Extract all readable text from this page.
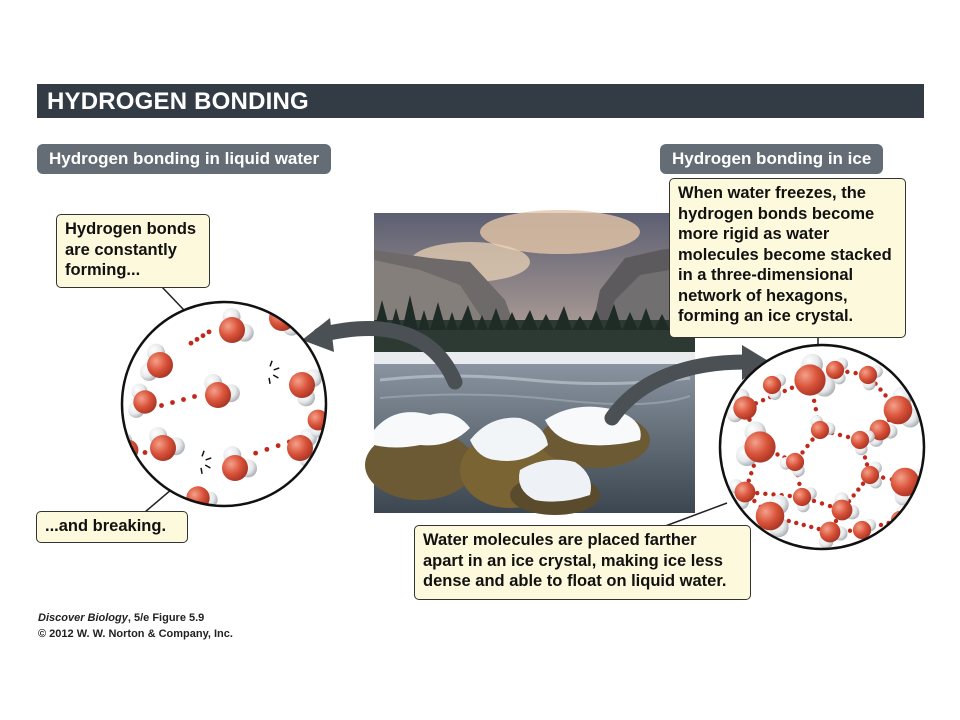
HYDROGEN BONDING
Hydrogen bonding in liquid water	Hydrogen bonding in ice
Hydrogen bonds
are constantly
forming...
...and breaking.
When water freezes, the
hydrogen bonds become
more rigid as water
molecules become stacked
in a three-dimensional
network of hexagons,
forming an ice crystal.
Water molecules are placed farther
apart in an ice crystal, making ice less
dense and able to float on liquid water.
Discover Biology, 5/e Figure 5.9
© 2012 W. W. Norton & Company, Inc.
